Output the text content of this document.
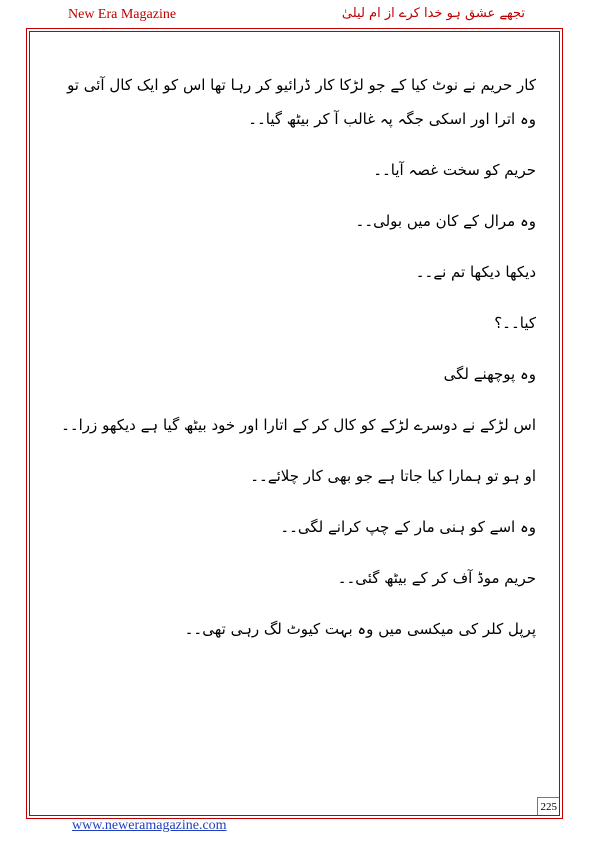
New Era Magazine	تجھے عشق ہو خدا کرے از ام لیلیٰ
225

کار حریم نے نوٹ کیا کے جو لڑکا کار ڈرائیو کر رہا تھا اس کو ایک کال آئی تو وہ اترا اور اسکی جگہ پہ غالب آ کر بیٹھ گیا۔۔

حریم کو سخت غصہ آیا۔۔

وہ مرال کے کان میں بولی۔۔

دیکھا دیکھا تم نے۔۔

کیا۔۔؟

وہ پوچھنے لگی

اس لڑکے نے دوسرے لڑکے کو کال کر کے اتارا اور خود بیٹھ گیا ہے دیکھو زرا۔۔

او ہو تو ہمارا کیا جاتا ہے جو بھی کار چلائے۔۔

وہ اسے کو ہنی مار کے چپ کرانے لگی۔۔

حریم موڈ آف کر کے بیٹھ گئی۔۔

پرپل کلر کی میکسی میں وہ بہت کیوٹ لگ رہی تھی۔۔

www.neweramagazine.com
